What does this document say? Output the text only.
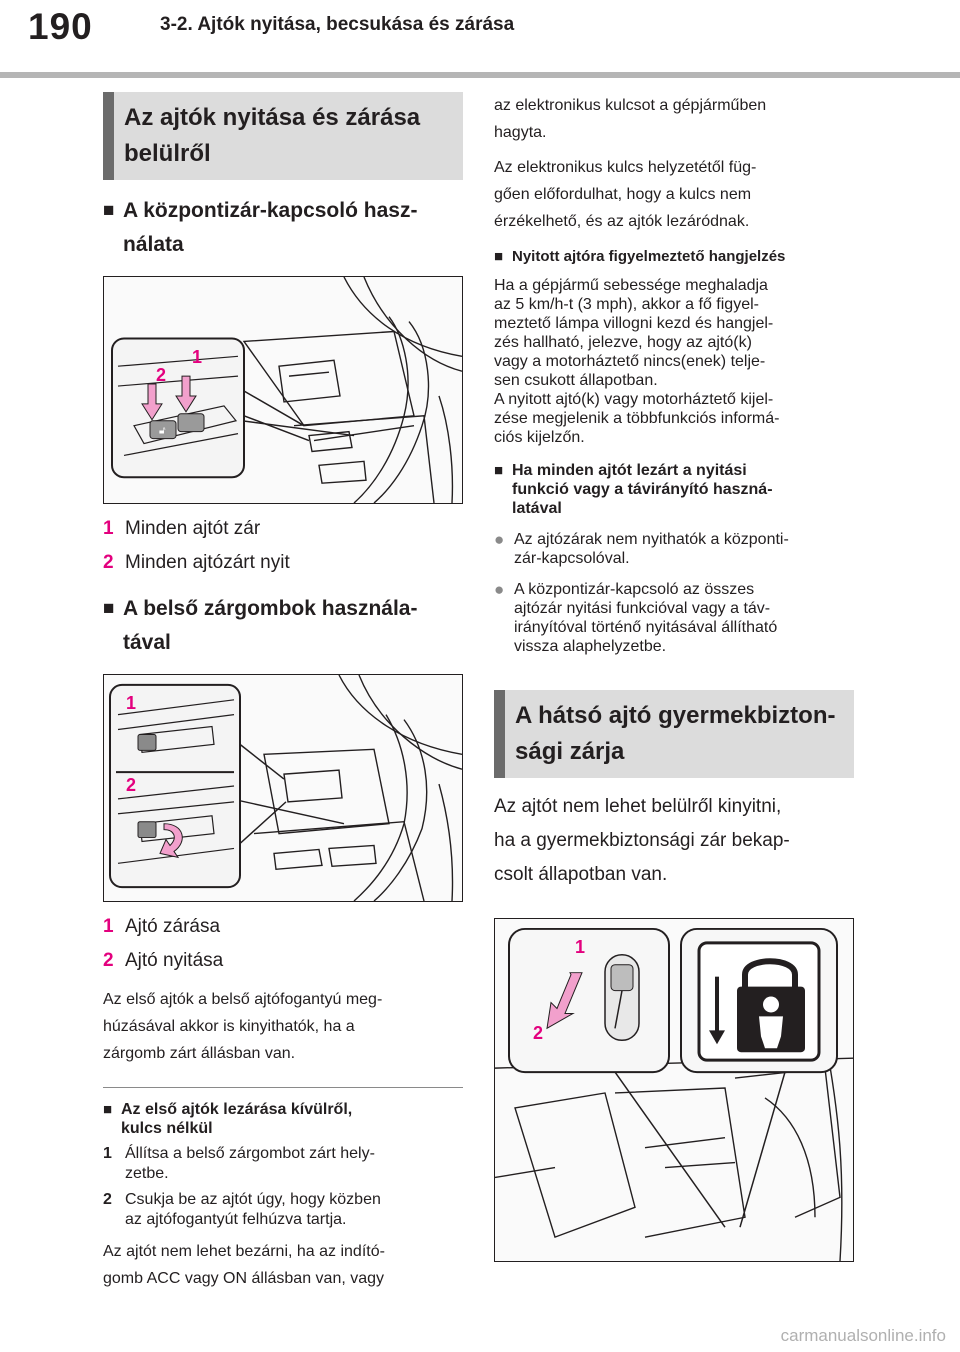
190	3-2. Ajtók nyitása, becsukása és zárása
Az ajtók nyitása és zárása
belülről
■ A központizár-kapcsoló hasz-
nálata
🔓︎
1
2
1 Minden ajtót zár
2 Minden ajtózárt nyit
■ A belső zárgombok használa-
tával
1
2
1 Ajtó zárása
2 Ajtó nyitása
Az első ajtók a belső ajtófogantyú meg-
húzásával akkor is kinyithatók, ha a
zárgomb zárt állásban van.
■ Az első ajtók lezárása kívülről,
kulcs nélkül
1 Állítsa a belső zárgombot zárt hely-
zetbe.
2 Csukja be az ajtót úgy, hogy közben
az ajtófogantyút felhúzva tartja.
Az ajtót nem lehet bezárni, ha az indító-
gomb ACC vagy ON állásban van, vagy
az elektronikus kulcsot a gépjárműben
hagyta.
Az elektronikus kulcs helyzetétől füg-
gően előfordulhat, hogy a kulcs nem
érzékelhető, és az ajtók lezáródnak.
■ Nyitott ajtóra figyelmeztető hangjelzés
Ha a gépjármű sebessége meghaladja
az 5 km/h-t (3 mph), akkor a fő figyel-
meztető lámpa villogni kezd és hangjel-
zés hallható, jelezve, hogy az ajtó(k)
vagy a motorháztető nincs(enek) telje-
sen csukott állapotban.
A nyitott ajtó(k) vagy motorháztető kijel-
zése megjelenik a többfunkciós informá-
ciós kijelzőn.
■ Ha minden ajtót lezárt a nyitási
funkció vagy a távirányító haszná-
latával
● Az ajtózárak nem nyithatók a központi-
zár-kapcsolóval.
● A központizár-kapcsoló az összes
ajtózár nyitási funkcióval vagy a táv-
irányítóval történő nyitásával állítható
vissza alaphelyzetbe.
A hátsó ajtó gyermekbizton-
sági zárja
Az ajtót nem lehet belülről kinyitni,
ha a gyermekbiztonsági zár bekap-
csolt állapotban van.
1
2
carmanualsonline.info
